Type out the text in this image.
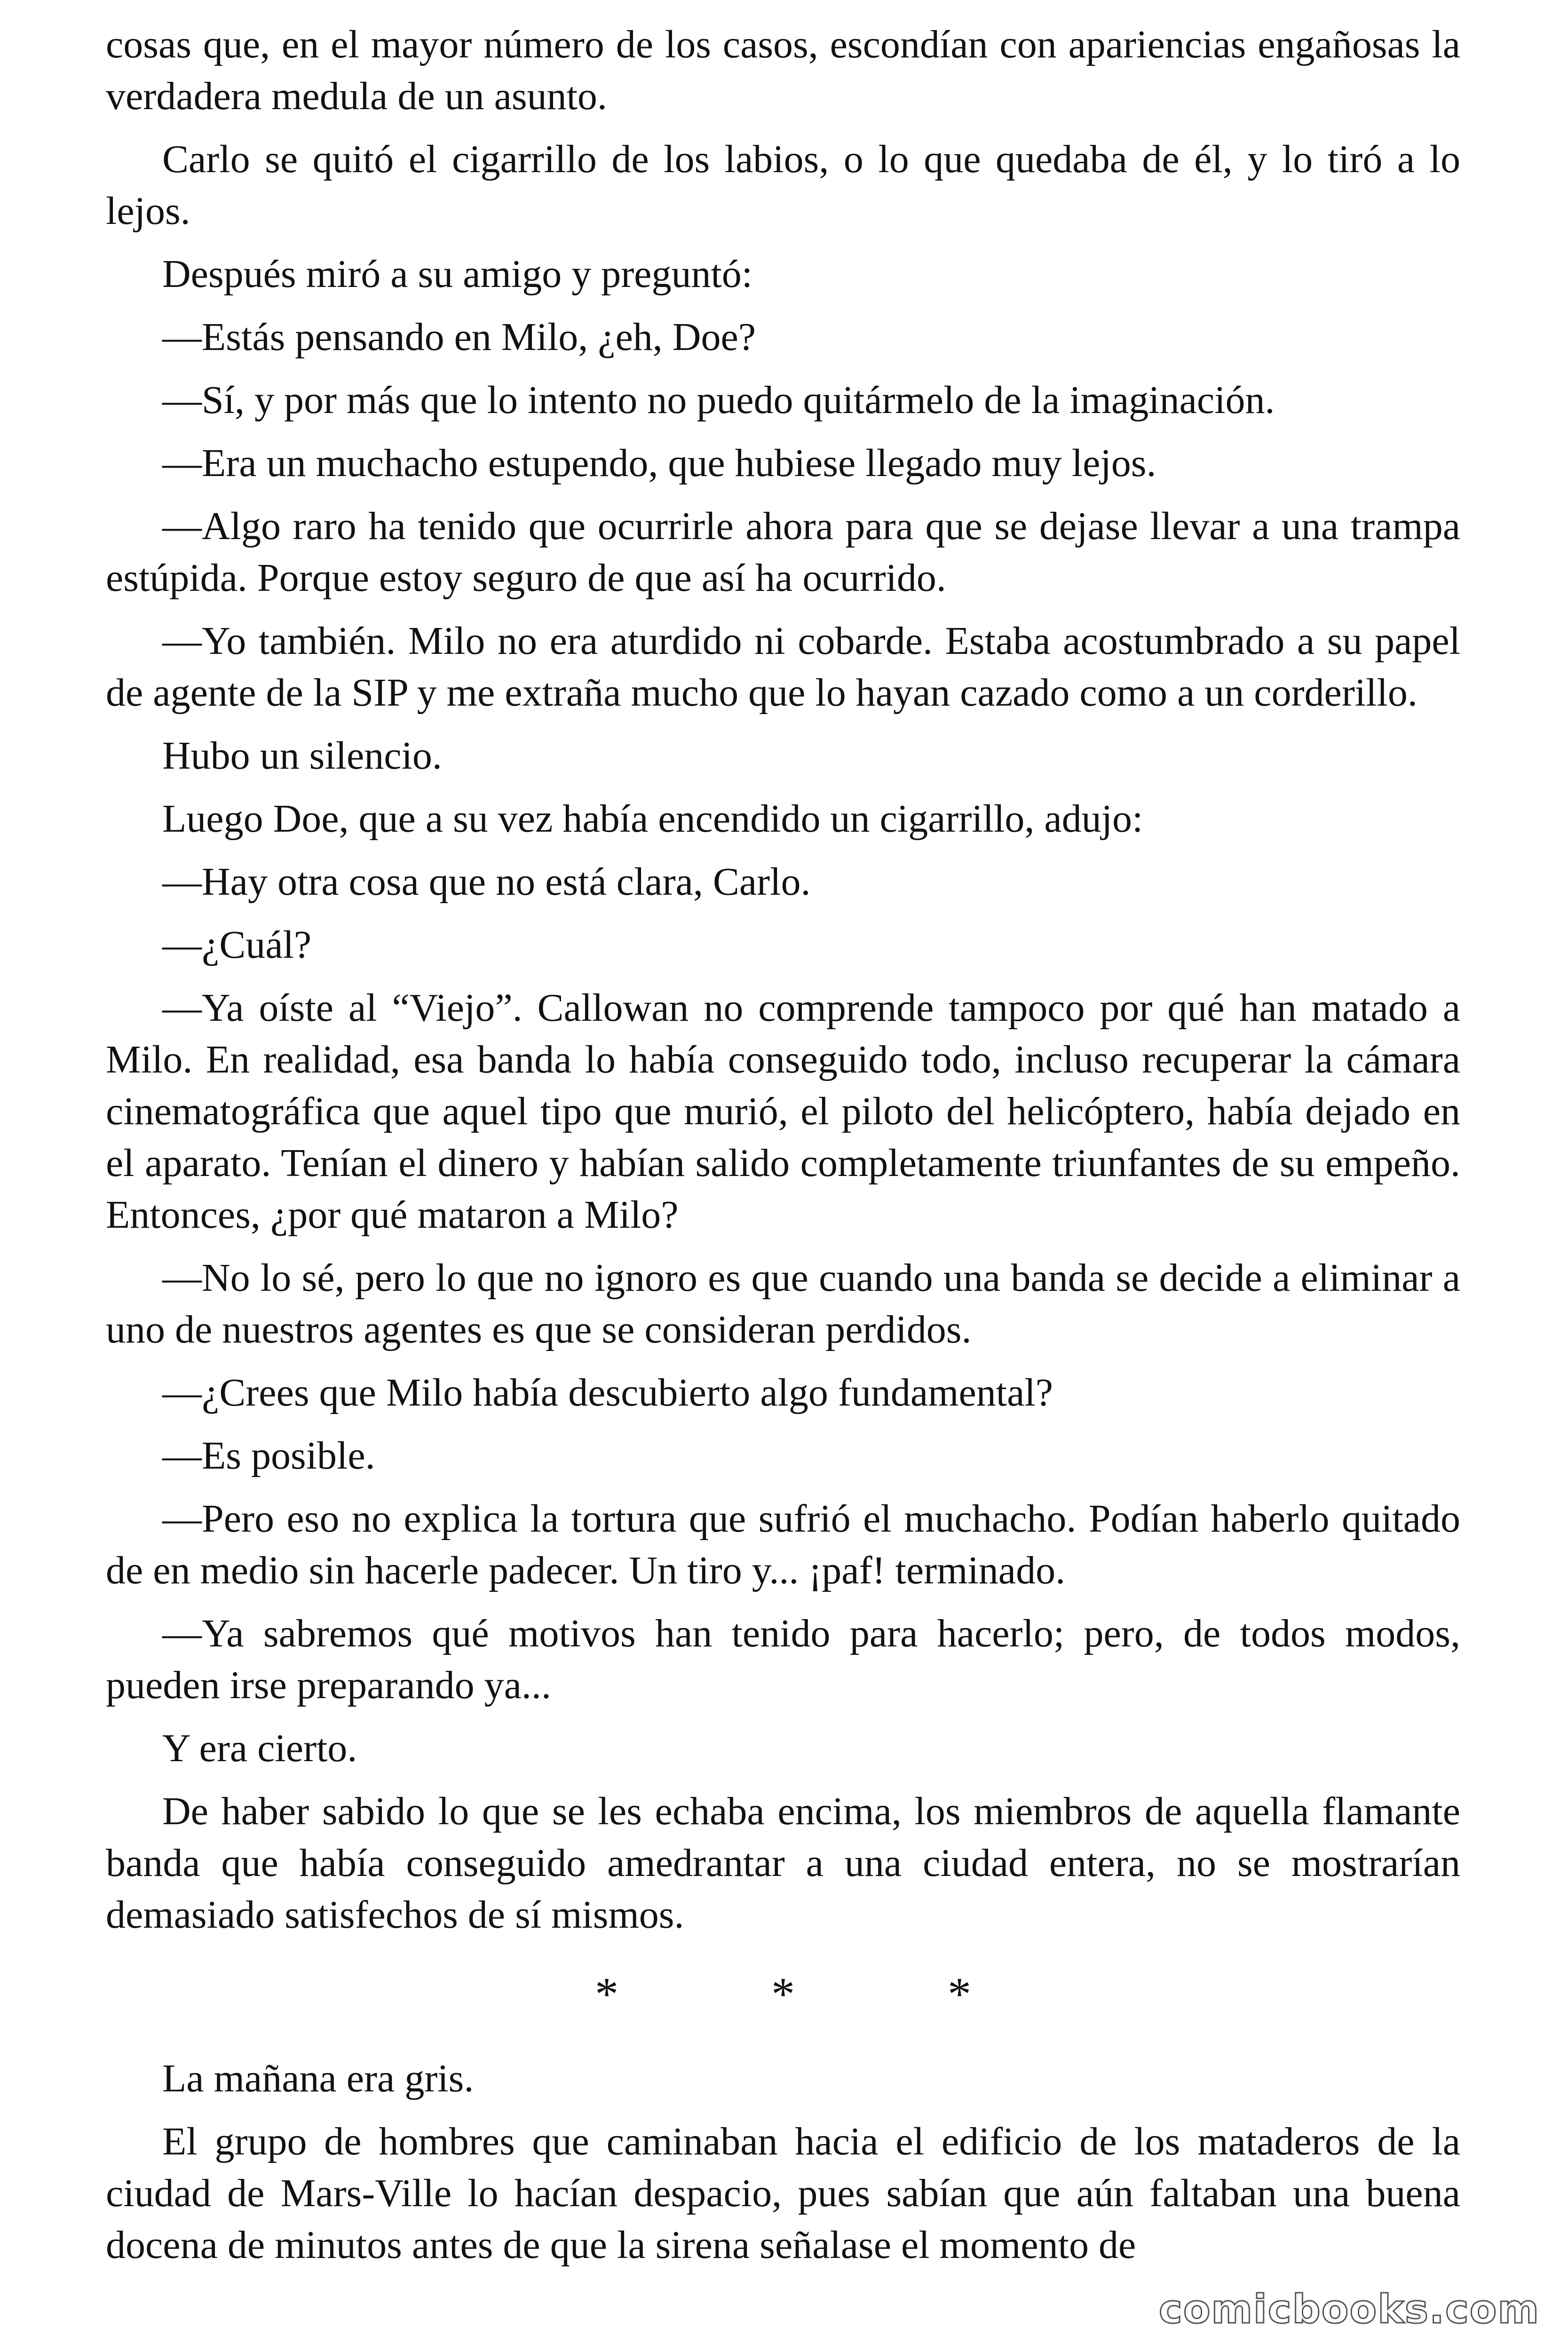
cosas que, en el mayor número de los casos, escondían con apariencias engañosas la verdadera medula de un asunto.

Carlo se quitó el cigarrillo de los labios, o lo que quedaba de él, y lo tiró a lo lejos.

Después miró a su amigo y preguntó:

—Estás pensando en Milo, ¿eh, Doe?

—Sí, y por más que lo intento no puedo quitármelo de la imaginación.

—Era un muchacho estupendo, que hubiese llegado muy lejos.

—Algo raro ha tenido que ocurrirle ahora para que se dejase llevar a una trampa estúpida. Porque estoy seguro de que así ha ocurrido.

—Yo también. Milo no era aturdido ni cobarde. Estaba acostumbrado a su papel de agente de la SIP y me extraña mucho que lo hayan cazado como a un corderillo.

Hubo un silencio.

Luego Doe, que a su vez había encendido un cigarrillo, adujo:

—Hay otra cosa que no está clara, Carlo.

—¿Cuál?

—Ya oíste al “Viejo”. Callowan no comprende tampoco por qué han matado a Milo. En realidad, esa banda lo había conseguido todo, incluso recuperar la cámara cinematográfica que aquel tipo que murió, el piloto del helicóptero, había dejado en el aparato. Tenían el dinero y habían salido completamente triunfantes de su empeño. Entonces, ¿por qué mataron a Milo?

—No lo sé, pero lo que no ignoro es que cuando una banda se decide a eliminar a uno de nuestros agentes es que se consideran perdidos.

—¿Crees que Milo había descubierto algo fundamental?

—Es posible.

—Pero eso no explica la tortura que sufrió el muchacho. Podían haberlo quitado de en medio sin hacerle padecer. Un tiro y... ¡paf! terminado.

—Ya sabremos qué motivos han tenido para hacerlo; pero, de todos modos, pueden irse preparando ya...

Y era cierto.

De haber sabido lo que se les echaba encima, los miembros de aquella flamante banda que había conseguido amedrantar a una ciudad entera, no se mostrarían demasiado satisfechos de sí mismos.

* * *

La mañana era gris.

El grupo de hombres que caminaban hacia el edificio de los mataderos de la ciudad de Mars-Ville lo hacían despacio, pues sabían que aún faltaban una buena docena de minutos antes de que la sirena señalase el momento de

comicbooks.com
